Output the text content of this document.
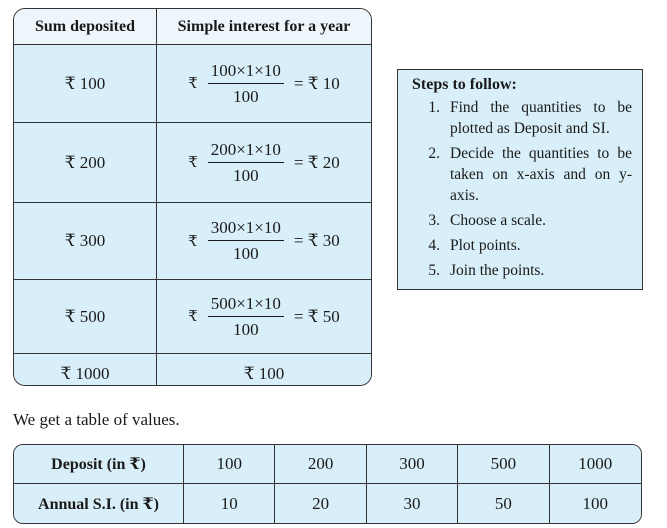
Sum deposited	Simple interest for a year
₹ 100	₹ $\frac{100\times 1\times 10}{100}$ = ₹ 10
₹ 200	₹ $\frac{200\times 1\times 10}{100}$ = ₹ 20
₹ 300	₹ $\frac{300\times 1\times 10}{100}$ = ₹ 30
₹ 500	₹ $\frac{500\times 1\times 10}{100}$ = ₹ 50
₹ 1000	₹ 100
Steps to follow:
1. Find the quantities to be plotted as Deposit and SI.
2. Decide the quantities to be taken on x-axis and on y-axis.
3. Choose a scale.
4. Plot points.
5. Join the points.
We get a table of values.
Deposit (in ₹)	100	200	300	500	1000
Annual S.I. (in ₹)	10	20	30	50	100
